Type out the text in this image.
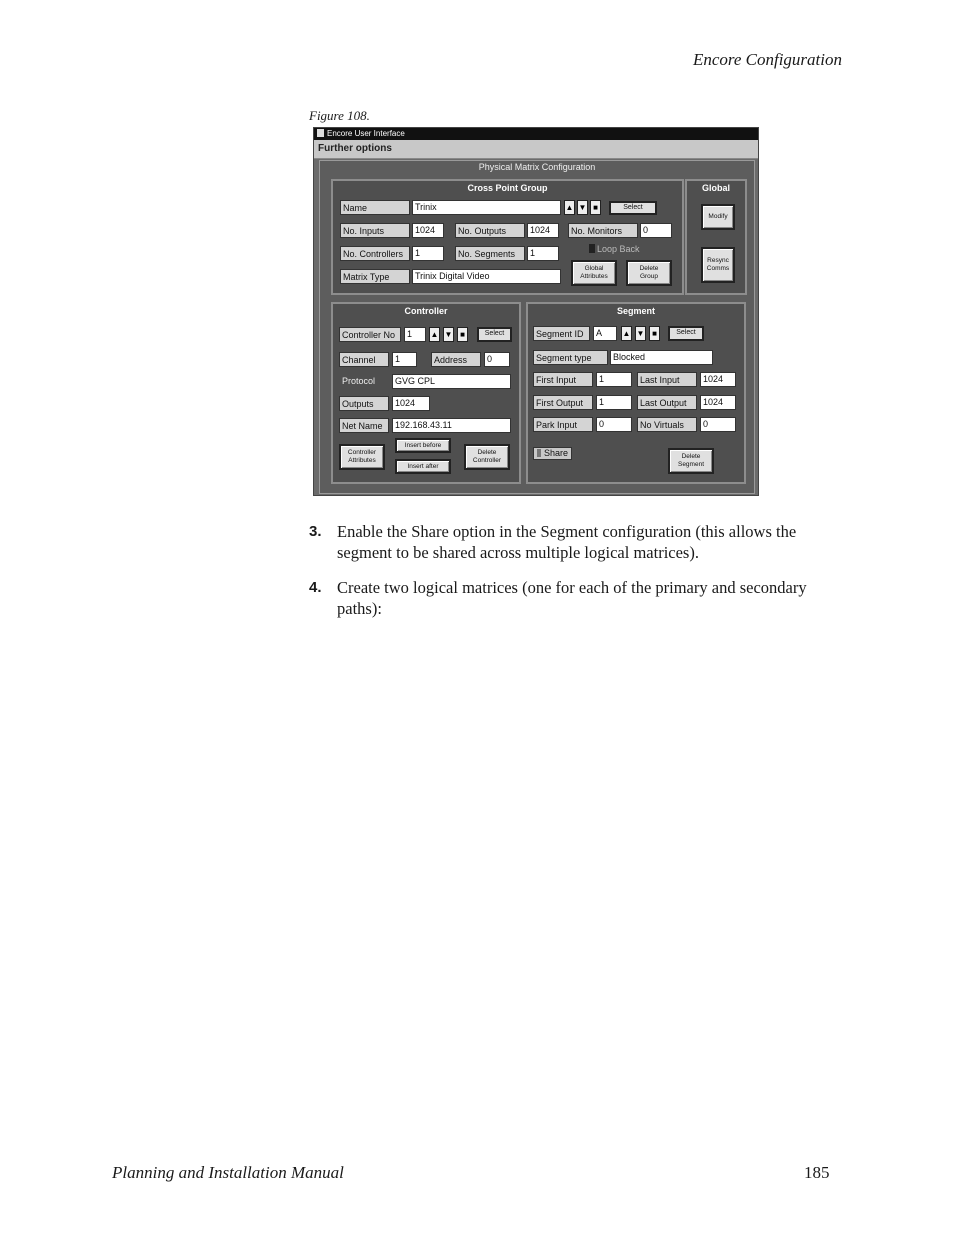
Encore Configuration
Figure 108.
Encore User Interface
Further options
Physical Matrix Configuration
Cross Point Group
Name	Trinix	▲ ▼ ■	Select
No. Inputs	1024	No. Outputs	1024	No. Monitors	0
No. Controllers	1	No. Segments	1	Loop Back
Matrix Type	Trinix Digital Video
Global
Attributes
Delete
Group
Global
Modify
Resync
Comms
Controller
Controller No	1	▲ ▼ ■	Select
Channel	1	Address	0
Protocol	GVG CPL
Outputs	1024
Net Name	192.168.43.11
Controller
Attributes
Insert before
Insert after
Delete
Controller
Segment
Segment ID	A	▲ ▼ ■	Select
Segment type	Blocked
First Input	1	Last Input	1024
First Output	1	Last Output	1024
Park Input	0	No Virtuals	0
Share	Delete
Segment
3. Enable the Share option in the Segment configuration (this allows the segment to be shared across multiple logical matrices).
4. Create two logical matrices (one for each of the primary and secondary paths):
Planning and Installation Manual	185
